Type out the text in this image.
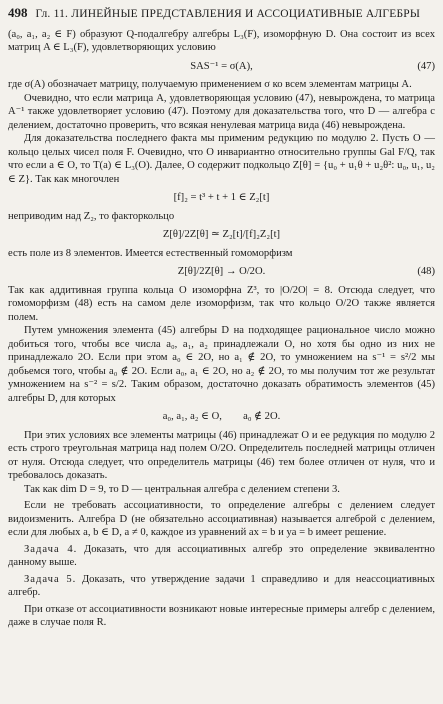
498 Гл. 11. ЛИНЕЙНЫЕ ПРЕДСТАВЛЕНИЯ И АССОЦИАТИВНЫЕ АЛГЕБРЫ

(a₀, a₁, a₂ ∈ F) образуют Q-подалгебру алгебры L₃(F), изоморфную D. Она состоит из всех матриц A ∈ L₃(F), удовлетворяющих условию

SAS⁻¹ = σ(A),	(47)

где σ(A) обозначает матрицу, получаемую применением σ ко всем элементам матрицы A.

Очевидно, что если матрица A, удовлетворяющая условию (47), невырождена, то матрица A⁻¹ также удовлетворяет условию (47). Поэтому для доказательства того, что D — алгебра с делением, достаточно проверить, что всякая ненулевая матрица вида (46) невырождена.

Для доказательства последнего факта мы применим редукцию по модулю 2. Пусть O — кольцо целых чисел поля F. Очевидно, что O инвариантно относительно группы Gal F/Q, так что если a ∈ O, то T(a) ∈ L₃(O). Далее, O содержит подкольцо Z[θ] = {u₀ + u₁θ + u₂θ²: u₀, u₁, u₂ ∈ Z}. Так как многочлен

[f]₂ = t³ + t + 1 ∈ Z₂[t]

неприводим над Z₂, то факторкольцо

Z[θ]/2Z[θ] ≃ Z₂[t]/[f]₂Z₂[t]

есть поле из 8 элементов. Имеется естественный гомоморфизм

Z[θ]/2Z[θ] → O/2O.	(48)

Так как аддитивная группа кольца O изоморфна Z³, то |O/2O| = 8. Отсюда следует, что гомоморфизм (48) есть на самом деле изоморфизм, так что кольцо O/2O также является полем.

Путем умножения элемента (45) алгебры D на подходящее рациональное число можно добиться того, чтобы все числа a₀, a₁, a₂ принадлежали O, но хотя бы одно из них не принадлежало 2O. Если при этом a₀ ∈ 2O, но a₁ ∉ 2O, то умножением на s⁻¹ = s²/2 мы добьемся того, чтобы a₀ ∉ 2O. Если a₀, a₁ ∈ 2O, но a₂ ∉ 2O, то мы получим тот же результат умножением на s⁻² = s/2. Таким образом, достаточно доказать обратимость элементов (45) алгебры D, для которых

a₀, a₁, a₂ ∈ O,        a₀ ∉ 2O.

При этих условиях все элементы матрицы (46) принадлежат O и ее редукция по модулю 2 есть строго треугольная матрица над полем O/2O. Определитель последней матрицы отличен от нуля. Отсюда следует, что определитель матрицы (46) тем более отличен от нуля, что и требовалось доказать.

Так как dim D = 9, то D — центральная алгебра с делением степени 3.

Если не требовать ассоциативности, то определение алгебры с делением следует видоизменить. Алгебра D (не обязательно ассоциативная) называется алгеброй с делением, если для любых a, b ∈ D, a ≠ 0, каждое из уравнений ax = b и ya = b имеет решение.

Задача 4. Доказать, что для ассоциативных алгебр это определение эквивалентно данному выше.

Задача 5. Доказать, что утверждение задачи 1 справедливо и для неассоциативных алгебр.

При отказе от ассоциативности возникают новые интересные примеры алгебр с делением, даже в случае поля R.
